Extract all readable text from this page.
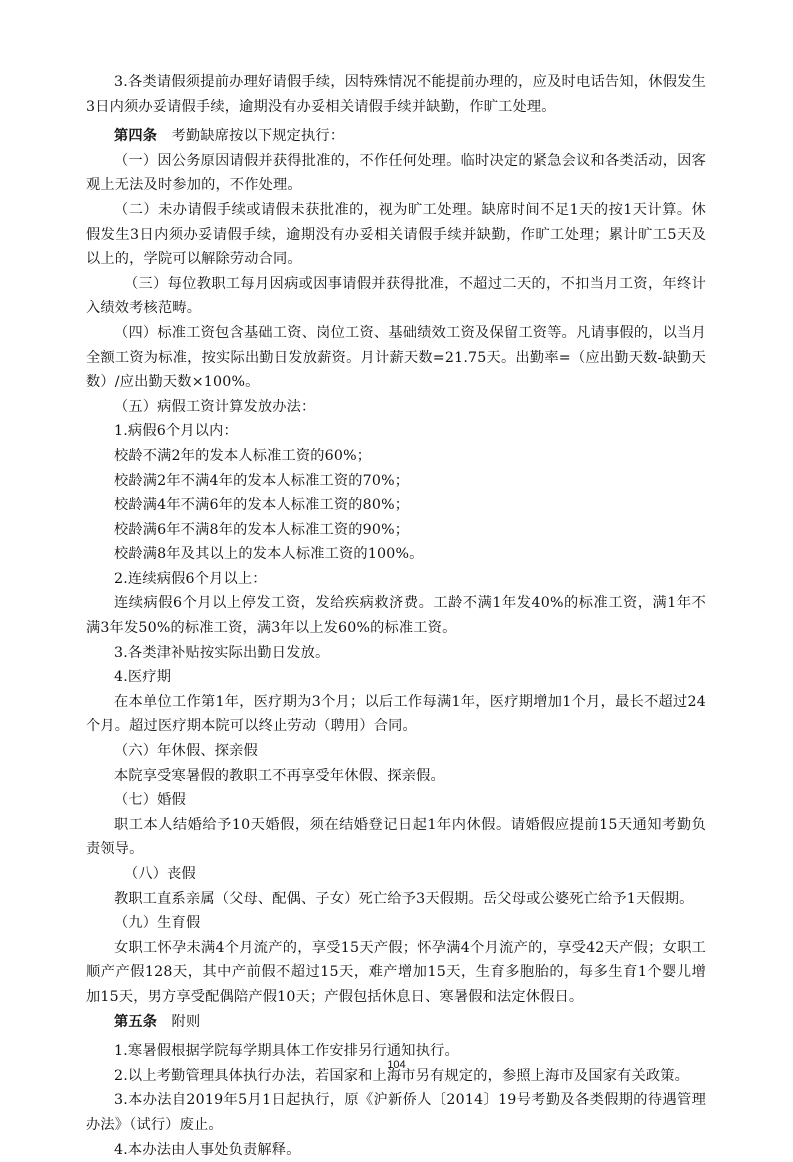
3.各类请假须提前办理好请假手续，因特殊情况不能提前办理的，应及时电话告知，休假发生3日内须办妥请假手续，逾期没有办妥相关请假手续并缺勤，作旷工处理。

第四条　考勤缺席按以下规定执行：

（一）因公务原因请假并获得批准的，不作任何处理。临时决定的紧急会议和各类活动，因客观上无法及时参加的，不作处理。

（二）未办请假手续或请假未获批准的，视为旷工处理。缺席时间不足1天的按1天计算。休假发生3日内须办妥请假手续，逾期没有办妥相关请假手续并缺勤，作旷工处理；累计旷工5天及以上的，学院可以解除劳动合同。

（三）每位教职工每月因病或因事请假并获得批准，不超过二天的，不扣当月工资，年终计入绩效考核范畴。

（四）标准工资包含基础工资、岗位工资、基础绩效工资及保留工资等。凡请事假的，以当月全额工资为标准，按实际出勤日发放薪资。月计薪天数=21.75天。出勤率=（应出勤天数-缺勤天数）/应出勤天数×100%。

（五）病假工资计算发放办法：

1.病假6个月以内：

校龄不满2年的发本人标准工资的60%；

校龄满2年不满4年的发本人标准工资的70%；

校龄满4年不满6年的发本人标准工资的80%；

校龄满6年不满8年的发本人标准工资的90%；

校龄满8年及其以上的发本人标准工资的100%。

2.连续病假6个月以上：

连续病假6个月以上停发工资，发给疾病救济费。工龄不满1年发40%的标准工资，满1年不满3年发50%的标准工资，满3年以上发60%的标准工资。

3.各类津补贴按实际出勤日发放。

4.医疗期

在本单位工作第1年，医疗期为3个月；以后工作每满1年，医疗期增加1个月，最长不超过24个月。超过医疗期本院可以终止劳动（聘用）合同。

（六）年休假、探亲假

本院享受寒暑假的教职工不再享受年休假、探亲假。

（七）婚假

职工本人结婚给予10天婚假，须在结婚登记日起1年内休假。请婚假应提前15天通知考勤负责领导。

（八）丧假

教职工直系亲属（父母、配偶、子女）死亡给予3天假期。岳父母或公婆死亡给予1天假期。

（九）生育假

女职工怀孕未满4个月流产的，享受15天产假；怀孕满4个月流产的，享受42天产假；女职工顺产产假128天，其中产前假不超过15天，难产增加15天，生育多胞胎的，每多生育1个婴儿增加15天，男方享受配偶陪产假10天；产假包括休息日、寒暑假和法定休假日。

第五条　附则

1.寒暑假根据学院每学期具体工作安排另行通知执行。

2.以上考勤管理具体执行办法，若国家和上海市另有规定的，参照上海市及国家有关政策。

3.本办法自2019年5月1日起执行，原《沪新侨人〔2014〕19号考勤及各类假期的待遇管理办法》（试行）废止。

4.本办法由人事处负责解释。

104
